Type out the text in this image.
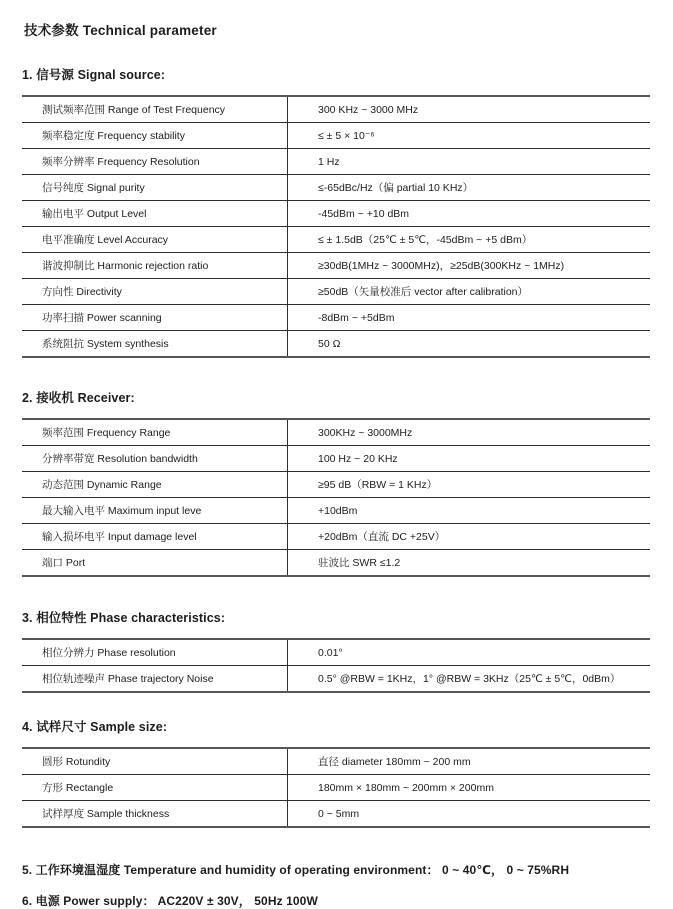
技术参数 Technical parameter
1. 信号源 Signal source:
测试频率范围 Range of Test Frequency	300 KHz ~ 3000 MHz
频率稳定度 Frequency stability	≤ ± 5 × 10⁻⁶
频率分辨率 Frequency Resolution	1 Hz
信号纯度 Signal purity	≤-65dBc/Hz（偏 partial 10 KHz）
输出电平 Output Level	-45dBm ~ +10 dBm
电平准确度 Level Accuracy	≤ ± 1.5dB（25℃ ± 5℃，-45dBm ~ +5 dBm）
谐波抑制比 Harmonic rejection ratio	≥30dB(1MHz ~ 3000MHz)，≥25dB(300KHz ~ 1MHz)
方向性 Directivity	≥50dB（矢量校准后 vector after calibration）
功率扫描 Power scanning	-8dBm ~ +5dBm
系统阻抗 System synthesis	50 Ω
2. 接收机 Receiver:
频率范围 Frequency Range	300KHz ~ 3000MHz
分辨率带宽 Resolution bandwidth	100 Hz ~ 20 KHz
动态范围 Dynamic Range	≥95 dB（RBW = 1 KHz）
最大输入电平 Maximum input leve	+10dBm
输入损坏电平 Input damage level	+20dBm（直流 DC +25V）
端口 Port	驻波比 SWR ≤1.2
3. 相位特性 Phase characteristics:
相位分辨力 Phase resolution	0.01°
相位轨迹噪声 Phase trajectory Noise	0.5° @RBW = 1KHz，1° @RBW = 3KHz（25℃ ± 5℃，0dBm）
4. 试样尺寸 Sample size:
圆形 Rotundity	直径 diameter 180mm ~ 200 mm
方形 Rectangle	180mm × 180mm ~ 200mm × 200mm
试样厚度 Sample thickness	0 ~ 5mm

5. 工作环境温湿度 Temperature and humidity of operating environment： 0 ~ 40℃， 0 ~ 75%RH

6. 电源 Power supply： AC220V ± 30V， 50Hz 100W
